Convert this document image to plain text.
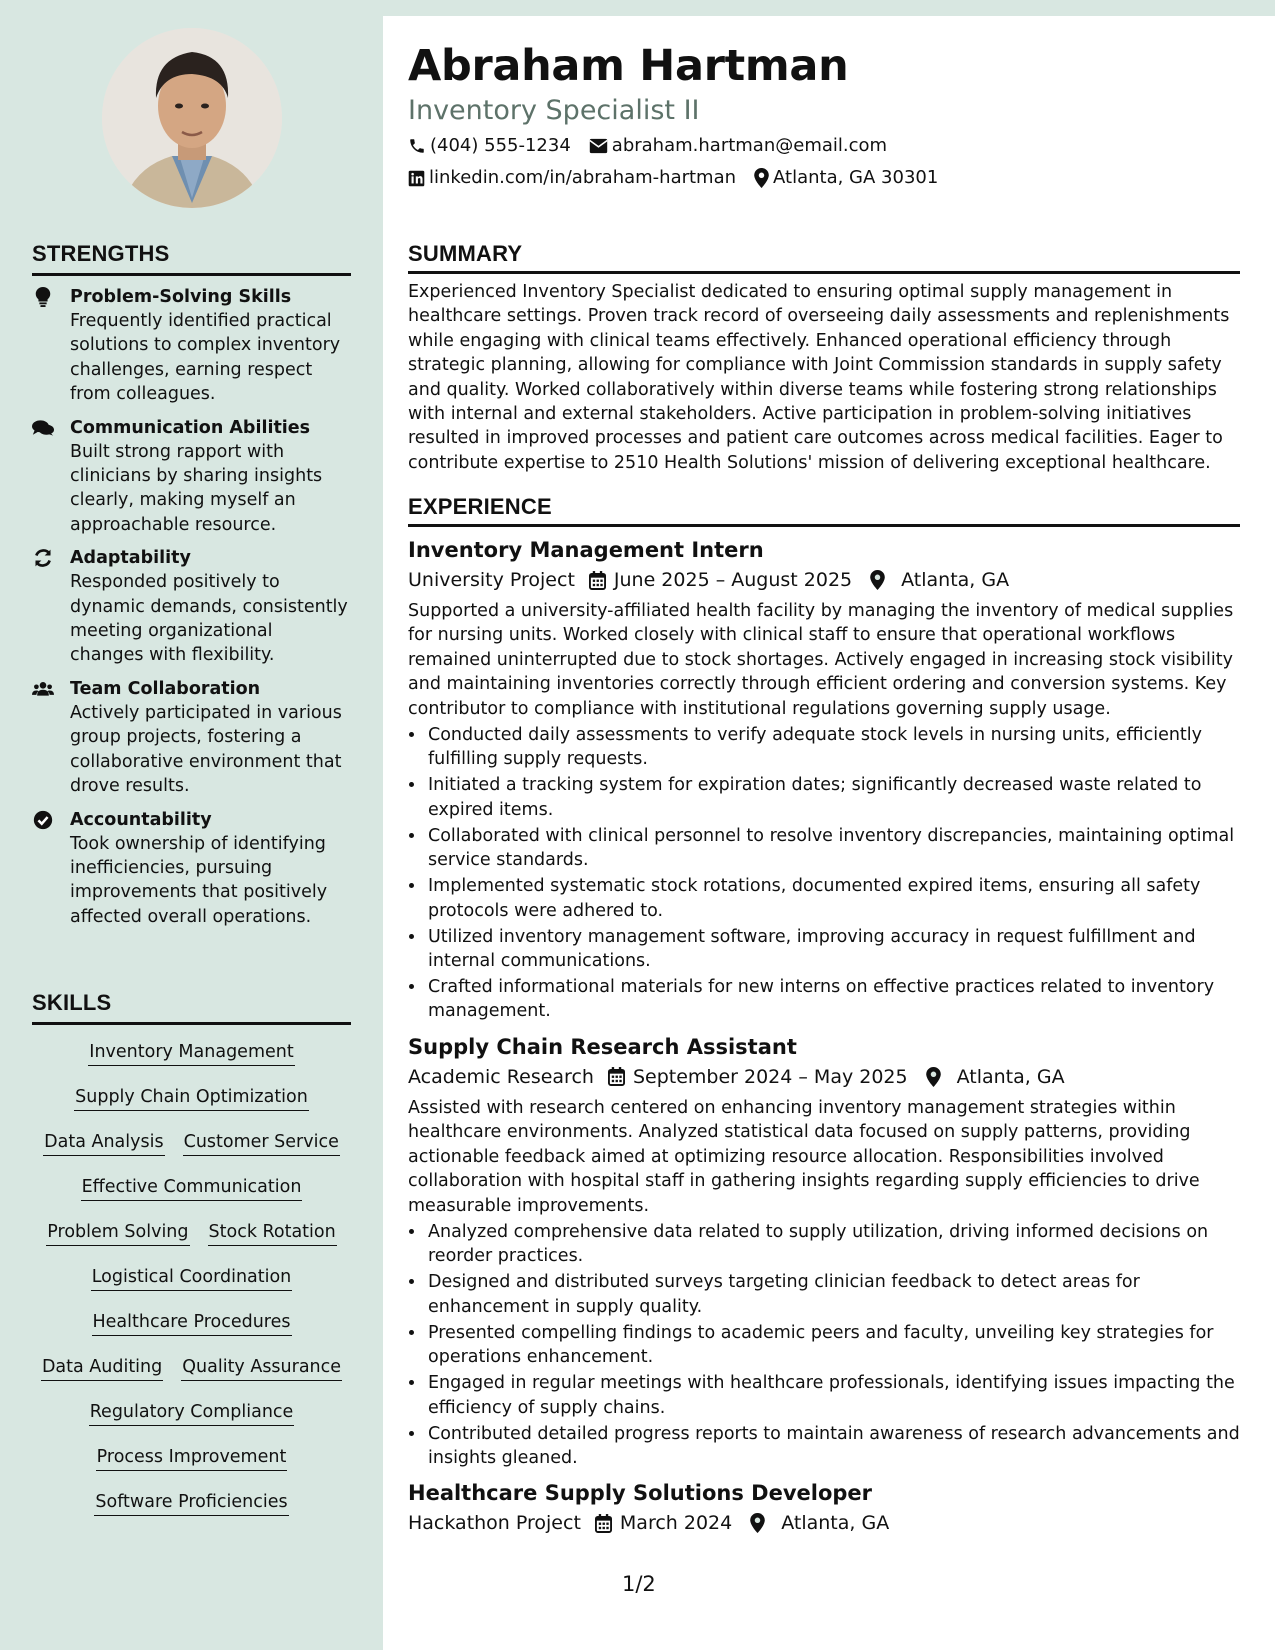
STRENGTHS
Problem-Solving Skills
Frequently identified practical solutions to complex inventory challenges, earning respect from colleagues.
Communication Abilities
Built strong rapport with clinicians by sharing insights clearly, making myself an approachable resource.
Adaptability
Responded positively to dynamic demands, consistently meeting organizational changes with flexibility.
Team Collaboration
Actively participated in various group projects, fostering a collaborative environment that drove results.
Accountability
Took ownership of identifying inefficiencies, pursuing improvements that positively affected overall operations.
SKILLS
Inventory Management
Supply Chain Optimization
Data Analysis Customer Service
Effective Communication
Problem Solving Stock Rotation
Logistical Coordination
Healthcare Procedures
Data Auditing Quality Assurance
Regulatory Compliance
Process Improvement
Software Proficiencies
Abraham Hartman
Inventory Specialist II
(404) 555-1234 abraham.hartman@email.com
linkedin.com/in/abraham-hartman Atlanta, GA 30301
SUMMARY
Experienced Inventory Specialist dedicated to ensuring optimal supply management in healthcare settings. Proven track record of overseeing daily assessments and replenishments while engaging with clinical teams effectively. Enhanced operational efficiency through strategic planning, allowing for compliance with Joint Commission standards in supply safety and quality. Worked collaboratively within diverse teams while fostering strong relationships with internal and external stakeholders. Active participation in problem-solving initiatives resulted in improved processes and patient care outcomes across medical facilities. Eager to contribute expertise to 2510 Health Solutions' mission of delivering exceptional healthcare.
EXPERIENCE
Inventory Management Intern
University Project June 2025 – August 2025	Atlanta, GA
Supported a university-affiliated health facility by managing the inventory of medical supplies for nursing units. Worked closely with clinical staff to ensure that operational workflows remained uninterrupted due to stock shortages. Actively engaged in increasing stock visibility and maintaining inventories correctly through efficient ordering and conversion systems. Key contributor to compliance with institutional regulations governing supply usage.
• Conducted daily assessments to verify adequate stock levels in nursing units, efficiently fulfilling supply requests.
• Initiated a tracking system for expiration dates; significantly decreased waste related to expired items.
• Collaborated with clinical personnel to resolve inventory discrepancies, maintaining optimal service standards.
• Implemented systematic stock rotations, documented expired items, ensuring all safety protocols were adhered to.
• Utilized inventory management software, improving accuracy in request fulfillment and internal communications.
• Crafted informational materials for new interns on effective practices related to inventory management.
Supply Chain Research Assistant
Academic Research September 2024 – May 2025	Atlanta, GA
Assisted with research centered on enhancing inventory management strategies within healthcare environments. Analyzed statistical data focused on supply patterns, providing actionable feedback aimed at optimizing resource allocation. Responsibilities involved collaboration with hospital staff in gathering insights regarding supply efficiencies to drive measurable improvements.
• Analyzed comprehensive data related to supply utilization, driving informed decisions on reorder practices.
• Designed and distributed surveys targeting clinician feedback to detect areas for enhancement in supply quality.
• Presented compelling findings to academic peers and faculty, unveiling key strategies for operations enhancement.
• Engaged in regular meetings with healthcare professionals, identifying issues impacting the efficiency of supply chains.
• Contributed detailed progress reports to maintain awareness of research advancements and insights gleaned.
Healthcare Supply Solutions Developer
Hackathon Project March 2024	Atlanta, GA
1/2
